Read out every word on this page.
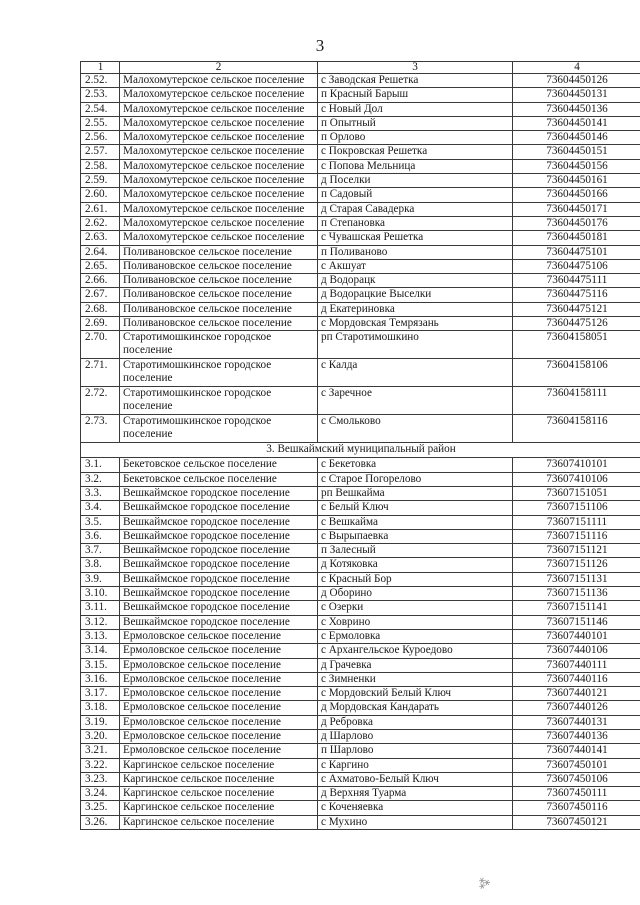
3
1	2	3	4
2.52.	Малохомутерское сельское поселение	с Заводская Решетка	73604450126
2.53.	Малохомутерское сельское поселение	п Красный Барыш	73604450131
2.54.	Малохомутерское сельское поселение	с Новый Дол	73604450136
2.55.	Малохомутерское сельское поселение	п Опытный	73604450141
2.56.	Малохомутерское сельское поселение	п Орлово	73604450146
2.57.	Малохомутерское сельское поселение	с Покровская Решетка	73604450151
2.58.	Малохомутерское сельское поселение	с Попова Мельница	73604450156
2.59.	Малохомутерское сельское поселение	д Поселки	73604450161
2.60.	Малохомутерское сельское поселение	п Садовый	73604450166
2.61.	Малохомутерское сельское поселение	д Старая Савадерка	73604450171
2.62.	Малохомутерское сельское поселение	п Степановка	73604450176
2.63.	Малохомутерское сельское поселение	с Чувашская Решетка	73604450181
2.64.	Поливановское сельское поселение	п Поливаново	73604475101
2.65.	Поливановское сельское поселение	с Акшуат	73604475106
2.66.	Поливановское сельское поселение	д Водорацк	73604475111
2.67.	Поливановское сельское поселение	д Водорацкие Выселки	73604475116
2.68.	Поливановское сельское поселение	д Екатериновка	73604475121
2.69.	Поливановское сельское поселение	с Мордовская Темрязань	73604475126
2.70.	Старотимошкинское городское поселение	рп Старотимошкино	73604158051
2.71.	Старотимошкинское городское поселение	с Калда	73604158106
2.72.	Старотимошкинское городское поселение	с Заречное	73604158111
2.73.	Старотимошкинское городское поселение	с Смольково	73604158116
3. Вешкаймский муниципальный район			
3.1.	Бекетовское сельское поселение	с Бекетовка	73607410101
3.2.	Бекетовское сельское поселение	с Старое Погорелово	73607410106
3.3.	Вешкаймское городское поселение	рп Вешкайма	73607151051
3.4.	Вешкаймское городское поселение	с Белый Ключ	73607151106
3.5.	Вешкаймское городское поселение	с Вешкайма	73607151111
3.6.	Вешкаймское городское поселение	с Вырыпаевка	73607151116
3.7.	Вешкаймское городское поселение	п Залесный	73607151121
3.8.	Вешкаймское городское поселение	д Котяковка	73607151126
3.9.	Вешкаймское городское поселение	с Красный Бор	73607151131
3.10.	Вешкаймское городское поселение	д Оборино	73607151136
3.11.	Вешкаймское городское поселение	с Озерки	73607151141
3.12.	Вешкаймское городское поселение	с Ховрино	73607151146
3.13.	Ермоловское сельское поселение	с Ермоловка	73607440101
3.14.	Ермоловское сельское поселение	с Архангельское Куроедово	73607440106
3.15.	Ермоловское сельское поселение	д Грачевка	73607440111
3.16.	Ермоловское сельское поселение	с Зимненки	73607440116
3.17.	Ермоловское сельское поселение	с Мордовский Белый Ключ	73607440121
3.18.	Ермоловское сельское поселение	д Мордовская Кандарать	73607440126
3.19.	Ермоловское сельское поселение	д Ребровка	73607440131
3.20.	Ермоловское сельское поселение	д Шарлово	73607440136
3.21.	Ермоловское сельское поселение	п Шарлово	73607440141
3.22.	Каргинское сельское поселение	с Каргино	73607450101
3.23.	Каргинское сельское поселение	с Ахматово-Белый Ключ	73607450106
3.24.	Каргинское сельское поселение	д Верхняя Туарма	73607450111
3.25.	Каргинское сельское поселение	с Коченяевка	73607450116
3.26.	Каргинское сельское поселение	с Мухино	73607450121
⁂
